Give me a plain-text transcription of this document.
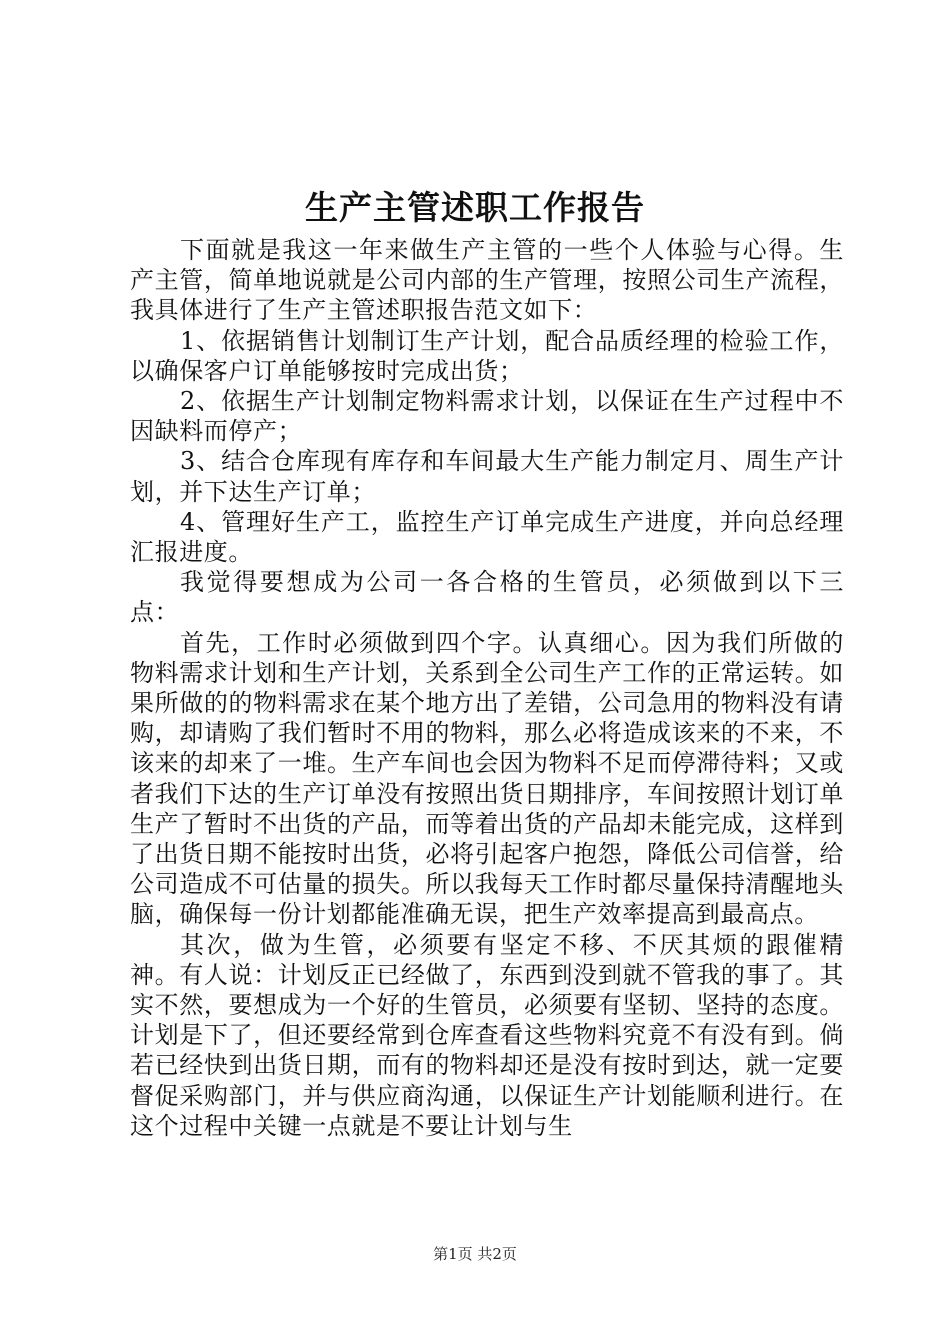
生产主管述职工作报告

下面就是我这一年来做生产主管的一些个人体验与心得。生产主管，简单地说就是公司内部的生产管理，按照公司生产流程，我具体进行了生产主管述职报告范文如下：

1、依据销售计划制订生产计划，配合品质经理的检验工作，以确保客户订单能够按时完成出货；

2、依据生产计划制定物料需求计划，以保证在生产过程中不因缺料而停产；

3、结合仓库现有库存和车间最大生产能力制定月、周生产计划，并下达生产订单；

4、管理好生产工，监控生产订单完成生产进度，并向总经理汇报进度。

我觉得要想成为公司一各合格的生管员，必须做到以下三点：

首先，工作时必须做到四个字。认真细心。因为我们所做的物料需求计划和生产计划，关系到全公司生产工作的正常运转。如果所做的的物料需求在某个地方出了差错，公司急用的物料没有请购，却请购了我们暂时不用的物料，那么必将造成该来的不来，不该来的却来了一堆。生产车间也会因为物料不足而停滞待料；又或者我们下达的生产订单没有按照出货日期排序，车间按照计划订单生产了暂时不出货的产品，而等着出货的产品却未能完成，这样到了出货日期不能按时出货，必将引起客户抱怨，降低公司信誉，给公司造成不可估量的损失。所以我每天工作时都尽量保持清醒地头脑，确保每一份计划都能准确无误，把生产效率提高到最高点。

其次，做为生管，必须要有坚定不移、不厌其烦的跟催精神。有人说：计划反正已经做了，东西到没到就不管我的事了。其实不然，要想成为一个好的生管员，必须要有坚韧、坚持的态度。计划是下了，但还要经常到仓库查看这些物料究竟不有没有到。倘若已经快到出货日期，而有的物料却还是没有按时到达，就一定要督促采购部门，并与供应商沟通，以保证生产计划能顺利进行。在这个过程中关键一点就是不要让计划与生

第1页 共2页
